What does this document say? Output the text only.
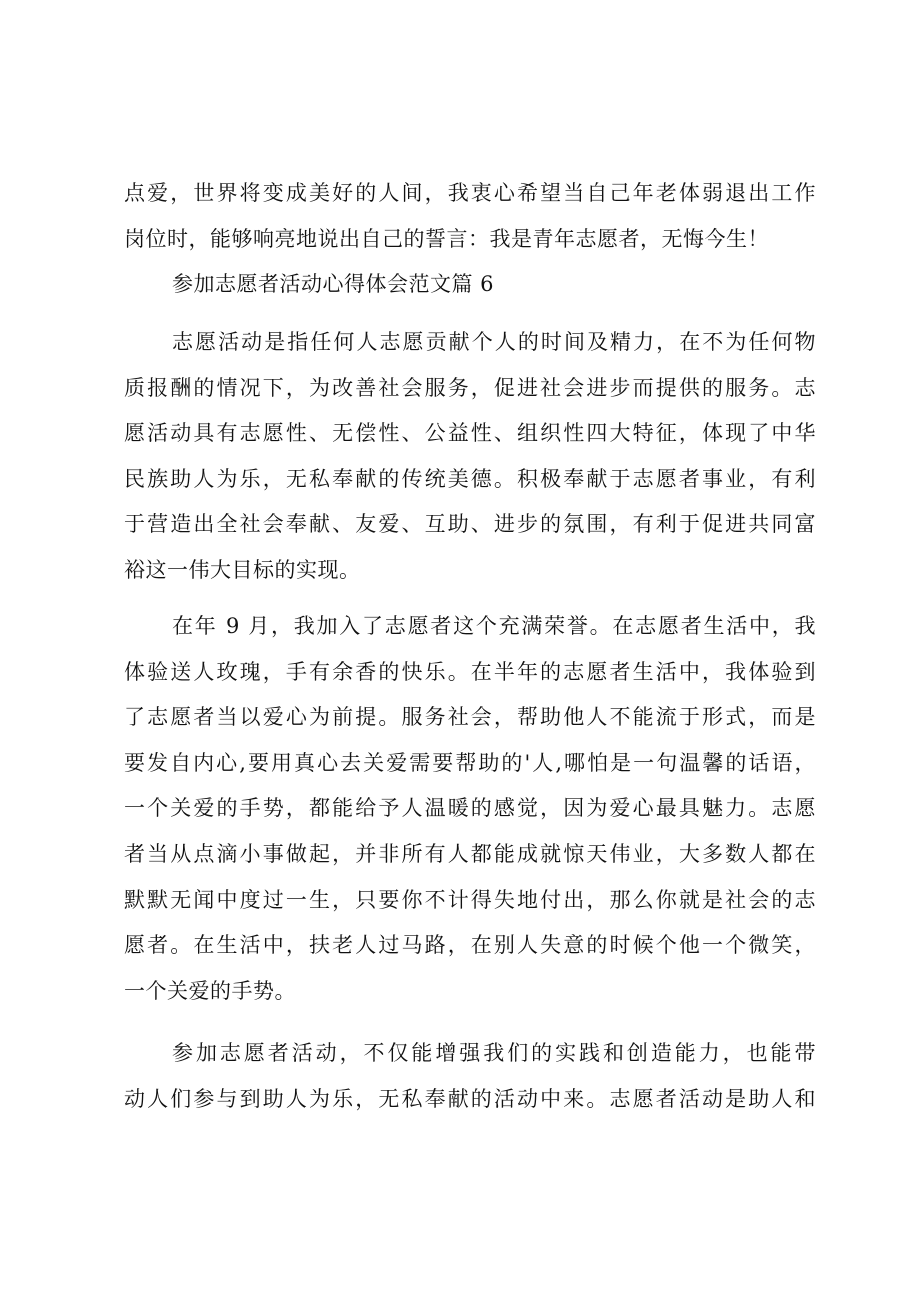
点爱，世界将变成美好的人间，我衷心希望当自己年老体弱退出工作
岗位时，能够响亮地说出自己的誓言：我是青年志愿者，无悔今生！
参加志愿者活动心得体会范文篇 6
志愿活动是指任何人志愿贡献个人的时间及精力，在不为任何物
质报酬的情况下，为改善社会服务，促进社会进步而提供的服务。志
愿活动具有志愿性、无偿性、公益性、组织性四大特征，体现了中华
民族助人为乐，无私奉献的传统美德。积极奉献于志愿者事业，有利
于营造出全社会奉献、友爱、互助、进步的氛围，有利于促进共同富
裕这一伟大目标的实现。
在年 9 月，我加入了志愿者这个充满荣誉。在志愿者生活中，我
体验送人玫瑰，手有余香的快乐。在半年的志愿者生活中，我体验到
了志愿者当以爱心为前提。服务社会，帮助他人不能流于形式，而是
要发自内心,要用真心去关爱需要帮助的'人,哪怕是一句温馨的话语，
一个关爱的手势，都能给予人温暖的感觉，因为爱心最具魅力。志愿
者当从点滴小事做起，并非所有人都能成就惊天伟业，大多数人都在
默默无闻中度过一生，只要你不计得失地付出，那么你就是社会的志
愿者。在生活中，扶老人过马路，在别人失意的时候个他一个微笑，
一个关爱的手势。
参加志愿者活动，不仅能增强我们的实践和创造能力，也能带
动人们参与到助人为乐，无私奉献的活动中来。志愿者活动是助人和
